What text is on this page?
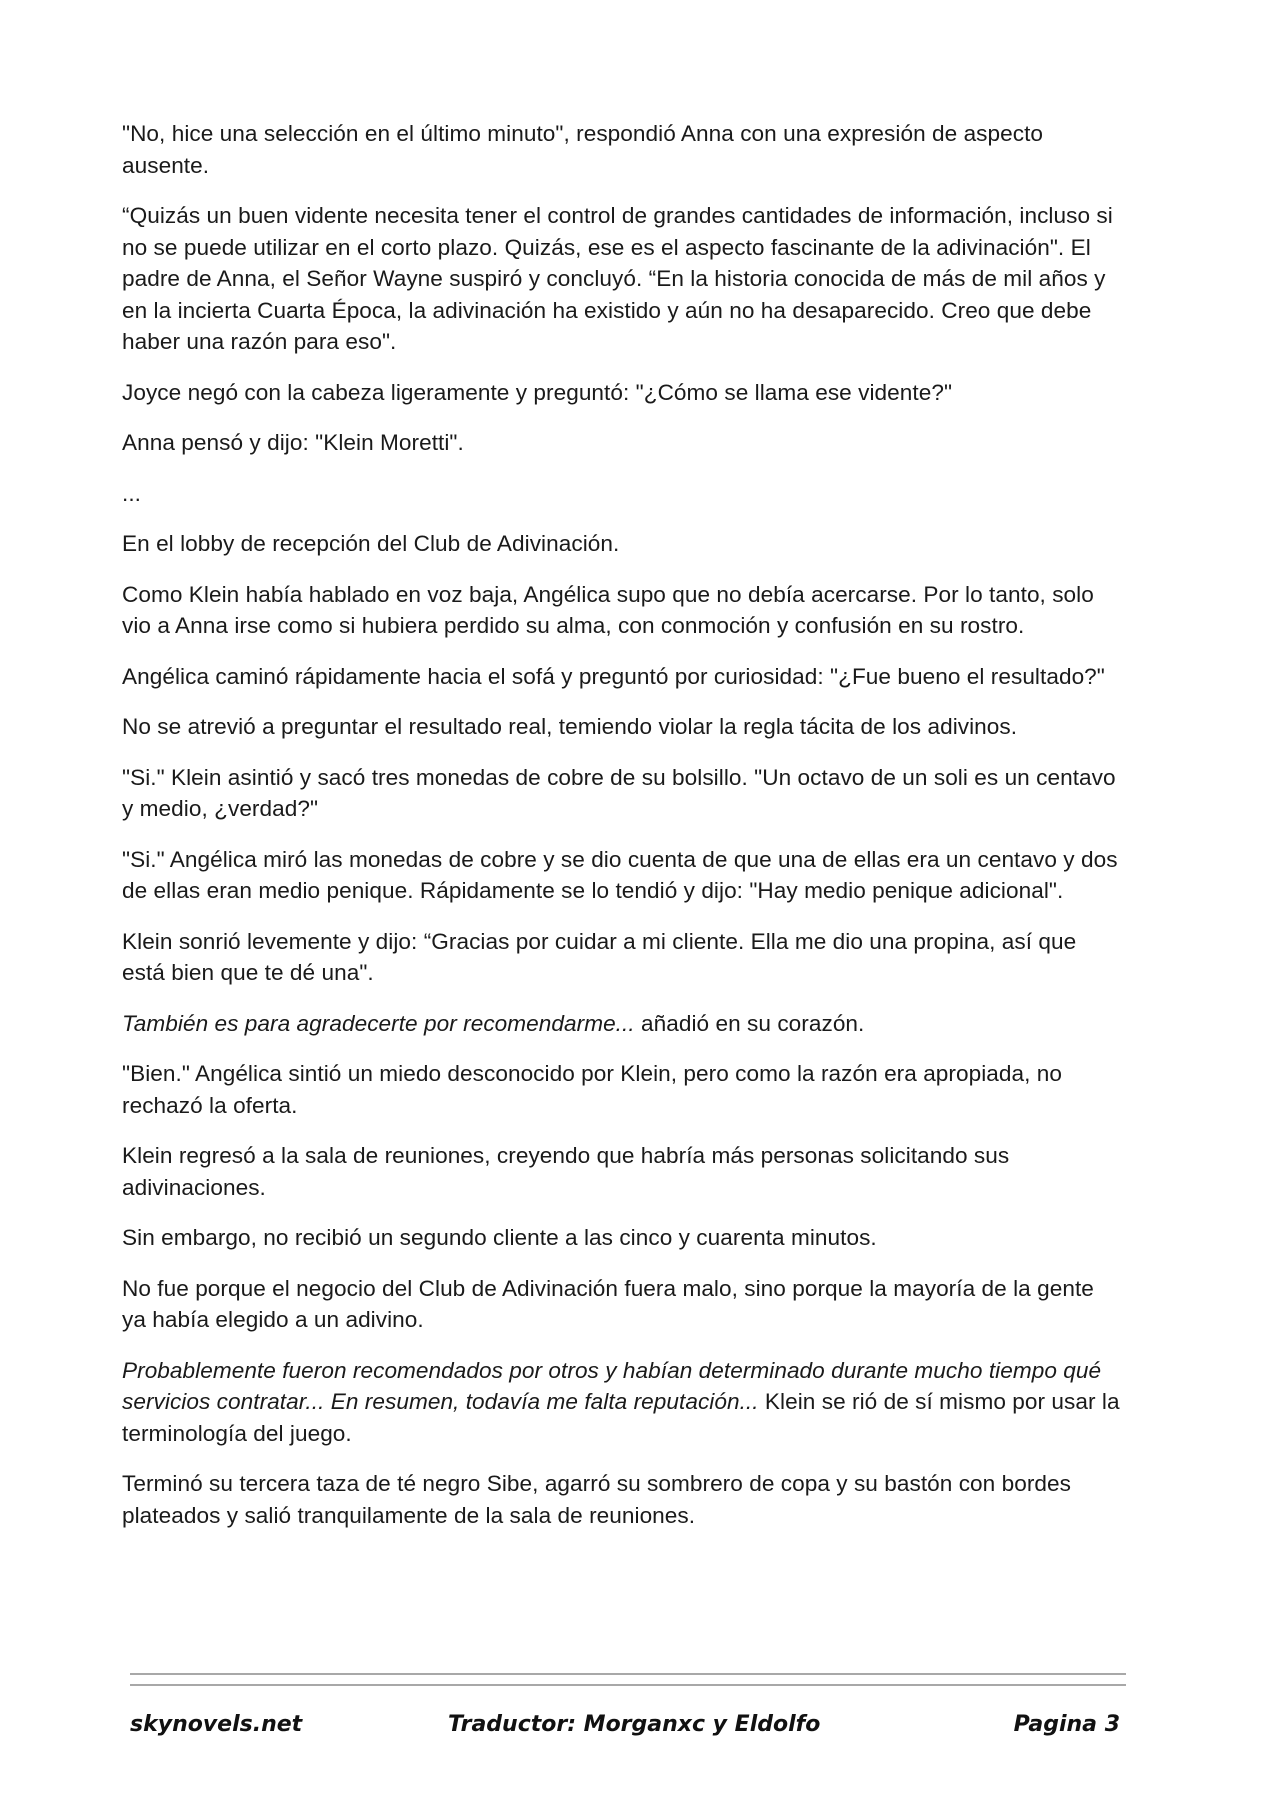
"No, hice una selección en el último minuto", respondió Anna con una expresión de aspecto ausente.

“Quizás un buen vidente necesita tener el control de grandes cantidades de información, incluso si no se puede utilizar en el corto plazo. Quizás, ese es el aspecto fascinante de la adivinación". El padre de Anna, el Señor Wayne suspiró y concluyó. “En la historia conocida de más de mil años y en la incierta Cuarta Época, la adivinación ha existido y aún no ha desaparecido. Creo que debe haber una razón para eso".

Joyce negó con la cabeza ligeramente y preguntó: "¿Cómo se llama ese vidente?"

Anna pensó y dijo: "Klein Moretti".

...

En el lobby de recepción del Club de Adivinación.

Como Klein había hablado en voz baja, Angélica supo que no debía acercarse. Por lo tanto, solo vio a Anna irse como si hubiera perdido su alma, con conmoción y confusión en su rostro.

Angélica caminó rápidamente hacia el sofá y preguntó por curiosidad: "¿Fue bueno el resultado?"

No se atrevió a preguntar el resultado real, temiendo violar la regla tácita de los adivinos.

"Si." Klein asintió y sacó tres monedas de cobre de su bolsillo. "Un octavo de un soli es un centavo y medio, ¿verdad?"

"Si." Angélica miró las monedas de cobre y se dio cuenta de que una de ellas era un centavo y dos de ellas eran medio penique. Rápidamente se lo tendió y dijo: "Hay medio penique adicional".

Klein sonrió levemente y dijo: “Gracias por cuidar a mi cliente. Ella me dio una propina, así que está bien que te dé una".

También es para agradecerte por recomendarme... añadió en su corazón.

"Bien." Angélica sintió un miedo desconocido por Klein, pero como la razón era apropiada, no rechazó la oferta.

Klein regresó a la sala de reuniones, creyendo que habría más personas solicitando sus adivinaciones.

Sin embargo, no recibió un segundo cliente a las cinco y cuarenta minutos.

No fue porque el negocio del Club de Adivinación fuera malo, sino porque la mayoría de la gente ya había elegido a un adivino.

Probablemente fueron recomendados por otros y habían determinado durante mucho tiempo qué servicios contratar... En resumen, todavía me falta reputación... Klein se rió de sí mismo por usar la terminología del juego.

Terminó su tercera taza de té negro Sibe, agarró su sombrero de copa y su bastón con bordes plateados y salió tranquilamente de la sala de reuniones.

skynovels.net	Traductor: Morganxc y Eldolfo	Pagina 3
